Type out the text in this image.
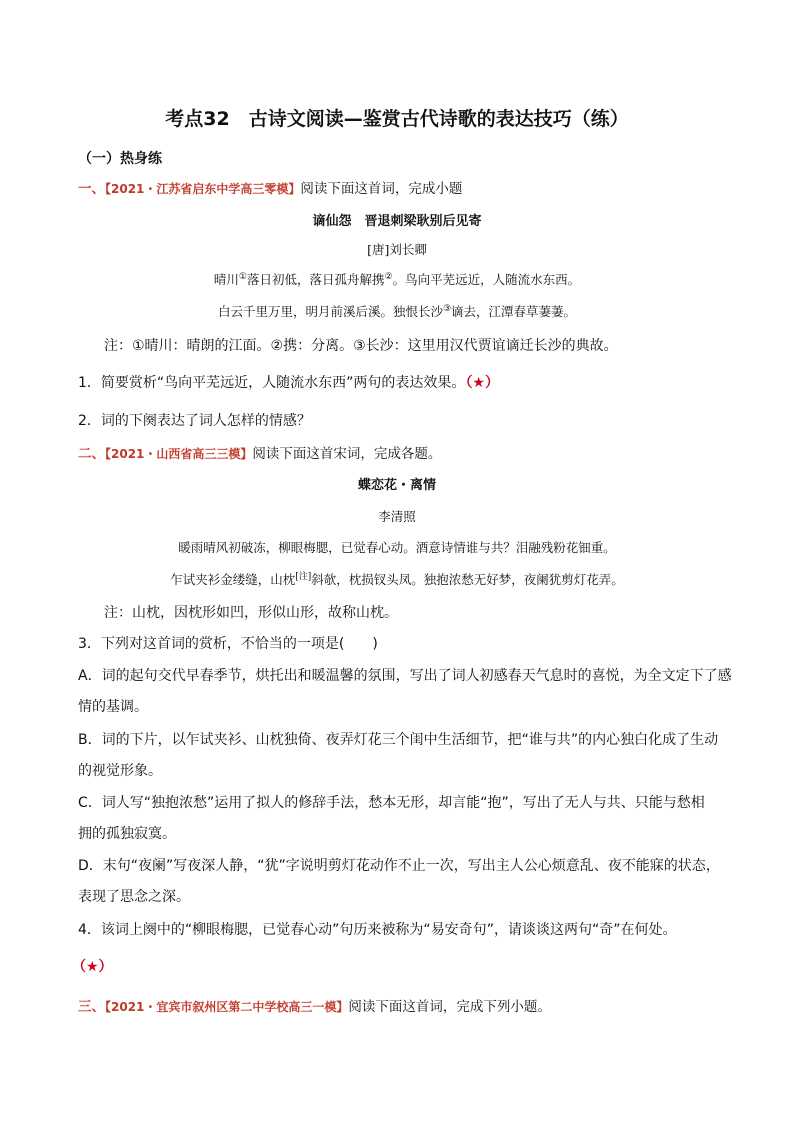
考点32　古诗文阅读—鉴赏古代诗歌的表达技巧（练）
（一）热身练
一、【2021・江苏省启东中学高三零模】阅读下面这首词，完成小题
谪仙怨　晋退刺梁耿别后见寄
[唐]刘长卿
晴川①落日初低，落日孤舟解携②。鸟向平芜远近，人随流水东西。
白云千里万里，明月前溪后溪。独恨长沙③谪去，江潭春草萋萋。
注：①晴川：晴朗的江面。②携：分离。③长沙：这里用汉代贾谊谪迁长沙的典故。
1．简要赏析“鸟向平芜远近，人随流水东西”两句的表达效果。（★）
2．词的下阕表达了词人怎样的情感？
二、【2021・山西省高三三模】阅读下面这首宋词，完成各题。
蝶恋花・离情
李清照
暖雨晴风初破冻，柳眼梅腮，已觉春心动。酒意诗情谁与共？泪融残粉花钿重。
乍试夹衫金缕缝，山枕[注]斜欹，枕损钗头凤。独抱浓愁无好梦，夜阑犹剪灯花弄。
注：山枕，因枕形如凹，形似山形，故称山枕。
3．下列对这首词的赏析，不恰当的一项是(　　)
A．词的起句交代早春季节，烘托出和暖温馨的氛围，写出了词人初感春天气息时的喜悦，为全文定下了感
情的基调。
B．词的下片，以乍试夹衫、山枕独倚、夜弄灯花三个闺中生活细节，把“谁与共”的内心独白化成了生动
的视觉形象。
C．词人写“独抱浓愁”运用了拟人的修辞手法，愁本无形，却言能“抱”，写出了无人与共、只能与愁相
拥的孤独寂寞。
D．末句“夜阑”写夜深人静，“犹”字说明剪灯花动作不止一次，写出主人公心烦意乱、夜不能寐的状态，
表现了思念之深。
4．该词上阕中的“柳眼梅腮，已觉春心动”句历来被称为“易安奇句”，请谈谈这两句“奇”在何处。
（★）
三、【2021・宜宾市叙州区第二中学校高三一模】阅读下面这首词，完成下列小题。
